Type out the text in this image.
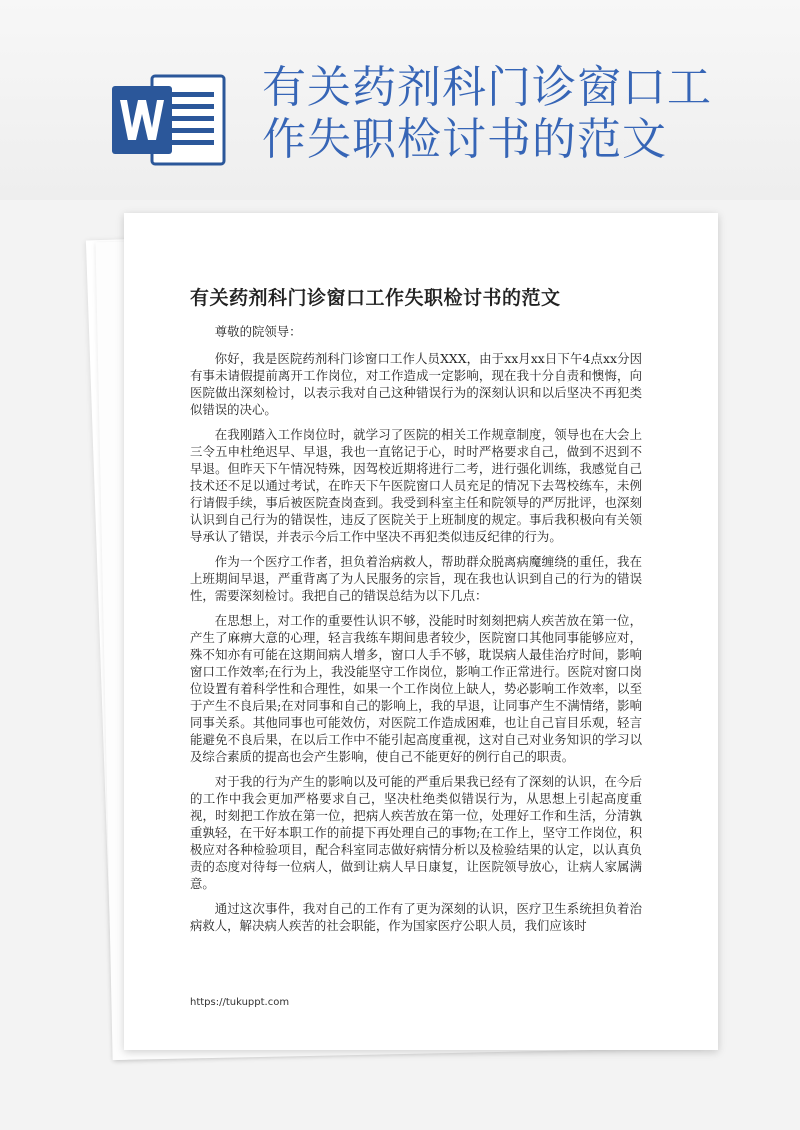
有关药剂科门诊窗口工作失职检讨书的范文
有关药剂科门诊窗口工作失职检讨书的范文

尊敬的院领导：

你好，我是医院药剂科门诊窗口工作人员XXX，由于xx月xx日下午4点xx分因有事未请假提前离开工作岗位，对工作造成一定影响，现在我十分自责和懊悔，向医院做出深刻检讨，以表示我对自己这种错误行为的深刻认识和以后坚决不再犯类似错误的决心。

在我刚踏入工作岗位时，就学习了医院的相关工作规章制度，领导也在大会上三令五申杜绝迟早、早退，我也一直铭记于心，时时严格要求自己，做到不迟到不早退。但昨天下午情况特殊，因驾校近期将进行二考，进行强化训练，我感觉自己技术还不足以通过考试，在昨天下午医院窗口人员充足的情况下去驾校练车，未例行请假手续，事后被医院查岗查到。我受到科室主任和院领导的严厉批评，也深刻认识到自己行为的错误性，违反了医院关于上班制度的规定。事后我积极向有关领导承认了错误，并表示今后工作中坚决不再犯类似违反纪律的行为。

作为一个医疗工作者，担负着治病救人，帮助群众脱离病魔缠绕的重任，我在上班期间早退，严重背离了为人民服务的宗旨，现在我也认识到自己的行为的错误性，需要深刻检讨。我把自己的错误总结为以下几点：

在思想上，对工作的重要性认识不够，没能时时刻刻把病人疾苦放在第一位，产生了麻痹大意的心理，轻言我练车期间患者较少，医院窗口其他同事能够应对，殊不知亦有可能在这期间病人增多，窗口人手不够，耽误病人最佳治疗时间，影响窗口工作效率;在行为上，我没能坚守工作岗位，影响工作正常进行。医院对窗口岗位设置有着科学性和合理性，如果一个工作岗位上缺人，势必影响工作效率，以至于产生不良后果;在对同事和自己的影响上，我的早退，让同事产生不满情绪，影响同事关系。其他同事也可能效仿，对医院工作造成困难，也让自己盲目乐观，轻言能避免不良后果，在以后工作中不能引起高度重视，这对自己对业务知识的学习以及综合素质的提高也会产生影响，使自己不能更好的例行自己的职责。

对于我的行为产生的影响以及可能的严重后果我已经有了深刻的认识，在今后的工作中我会更加严格要求自己，坚决杜绝类似错误行为，从思想上引起高度重视，时刻把工作放在第一位，把病人疾苦放在第一位，处理好工作和生活，分清孰重孰轻，在干好本职工作的前提下再处理自己的事物;在工作上，坚守工作岗位，积极应对各种检验项目，配合科室同志做好病情分析以及检验结果的认定，以认真负责的态度对待每一位病人，做到让病人早日康复，让医院领导放心，让病人家属满意。

通过这次事件，我对自己的工作有了更为深刻的认识，医疗卫生系统担负着治病救人，解决病人疾苦的社会职能，作为国家医疗公职人员，我们应该时

https://tukuppt.com
